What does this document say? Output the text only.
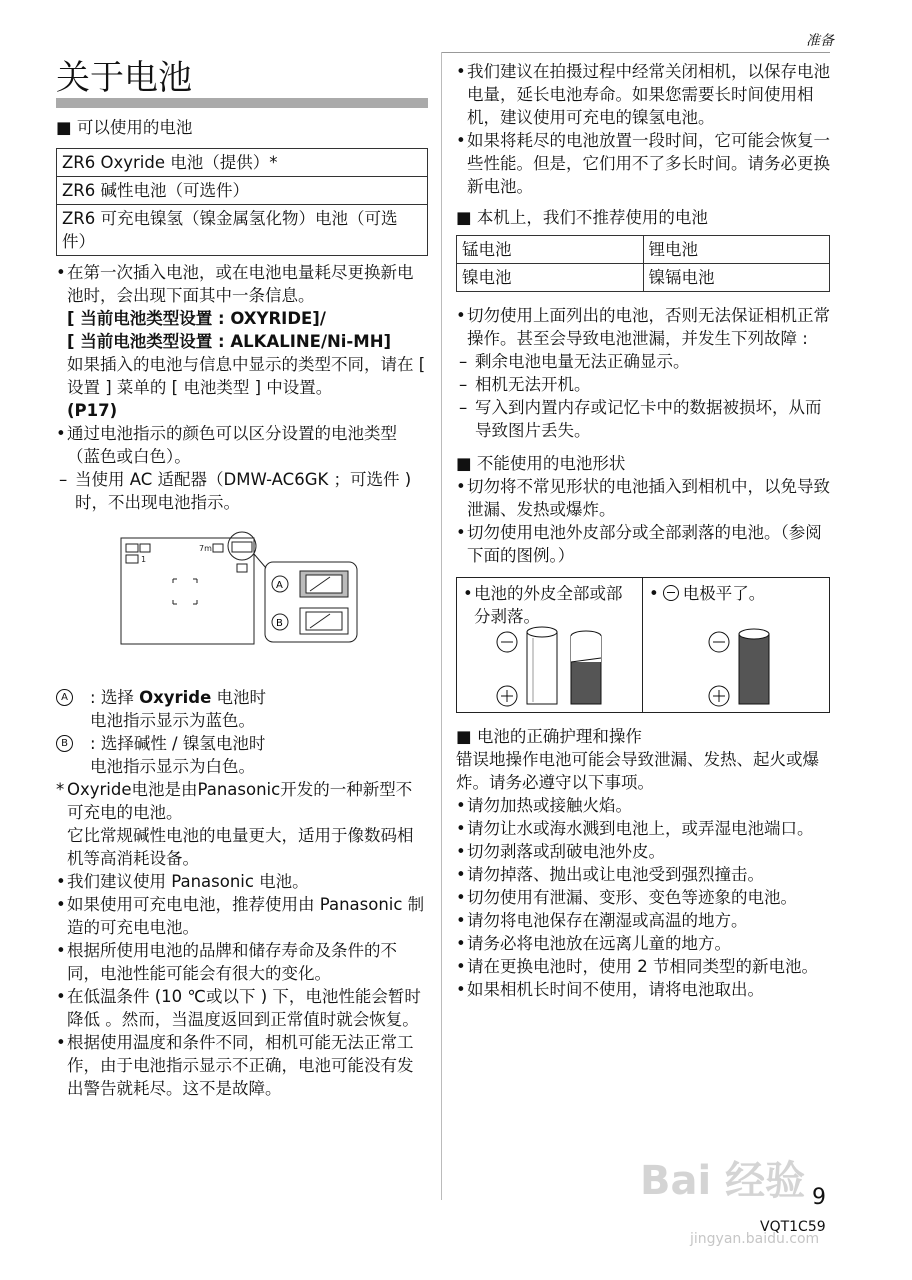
准备
关于电池
■ 可以使用的电池
ZR6 Oxyride 电池（提供）*
ZR6 碱性电池（可选件）
ZR6 可充电镍氢（镍金属氢化物）电池（可选件）
• 在第一次插入电池，或在电池电量耗尽更换新电池时，会出现下面其中一条信息。
[ 当前电池类型设置 : OXYRIDE]/
[ 当前电池类型设置 : ALKALINE/Ni-MH]
如果插入的电池与信息中显示的类型不同，请在 [ 设置 ] 菜单的 [ 电池类型 ] 中设置。
(P17)
• 通过电池指示的颜色可以区分设置的电池类型（蓝色或白色）。
– 当使用 AC 适配器（DMW-AC6GK ；可选件 ) 时，不出现电池指示。
7m
1
A
B
A	: 选择 Oxyride 电池时
电池指示显示为蓝色。
B	: 选择碱性 / 镍氢电池时
电池指示显示为白色。
* Oxyride电池是由Panasonic开发的一种新型不可充电的电池。
它比常规碱性电池的电量更大，适用于像数码相机等高消耗设备。
• 我们建议使用 Panasonic 电池。
• 如果使用可充电电池，推荐使用由 Panasonic 制造的可充电电池。
• 根据所使用电池的品牌和储存寿命及条件的不同，电池性能可能会有很大的变化。
• 在低温条件 (10 ℃或以下 ) 下，电池性能会暂时降低 。然而，当温度返回到正常值时就会恢复。
• 根据使用温度和条件不同，相机可能无法正常工作，由于电池指示显示不正确，电池可能没有发出警告就耗尽。这不是故障。
• 我们建议在拍摄过程中经常关闭相机，以保存电池电量，延长电池寿命。如果您需要长时间使用相机，建议使用可充电的镍氢电池。
• 如果将耗尽的电池放置一段时间，它可能会恢复一些性能。但是，它们用不了多长时间。请务必更换新电池。
■ 本机上，我们不推荐使用的电池
锰电池	锂电池
镍电池	镍镉电池
• 切勿使用上面列出的电池，否则无法保证相机正常操作。甚至会导致电池泄漏，并发生下列故障 :
– 剩余电池电量无法正确显示。
– 相机无法开机。
– 写入到内置内存或记忆卡中的数据被损坏，从而导致图片丢失。
■ 不能使用的电池形状
• 切勿将不常见形状的电池插入到相机中，以免导致泄漏、发热或爆炸。
• 切勿使用电池外皮部分或全部剥落的电池。（参阅下面的图例。）
• 电池的外皮全部或部分剥落。
• 电极平了。
■ 电池的正确护理和操作
错误地操作电池可能会导致泄漏、发热、起火或爆炸。请务必遵守以下事项。
• 请勿加热或接触火焰。
• 请勿让水或海水溅到电池上，或弄湿电池端口。
• 切勿剥落或刮破电池外皮。
• 请勿掉落、抛出或让电池受到强烈撞击。
• 切勿使用有泄漏、变形、变色等迹象的电池。
• 请勿将电池保存在潮湿或高温的地方。
• 请务必将电池放在远离儿童的地方。
• 请在更换电池时，使用 2 节相同类型的新电池。
• 如果相机长时间不使用，请将电池取出。
Bai 经验
jingyan.baidu.com
9
VQT1C59
